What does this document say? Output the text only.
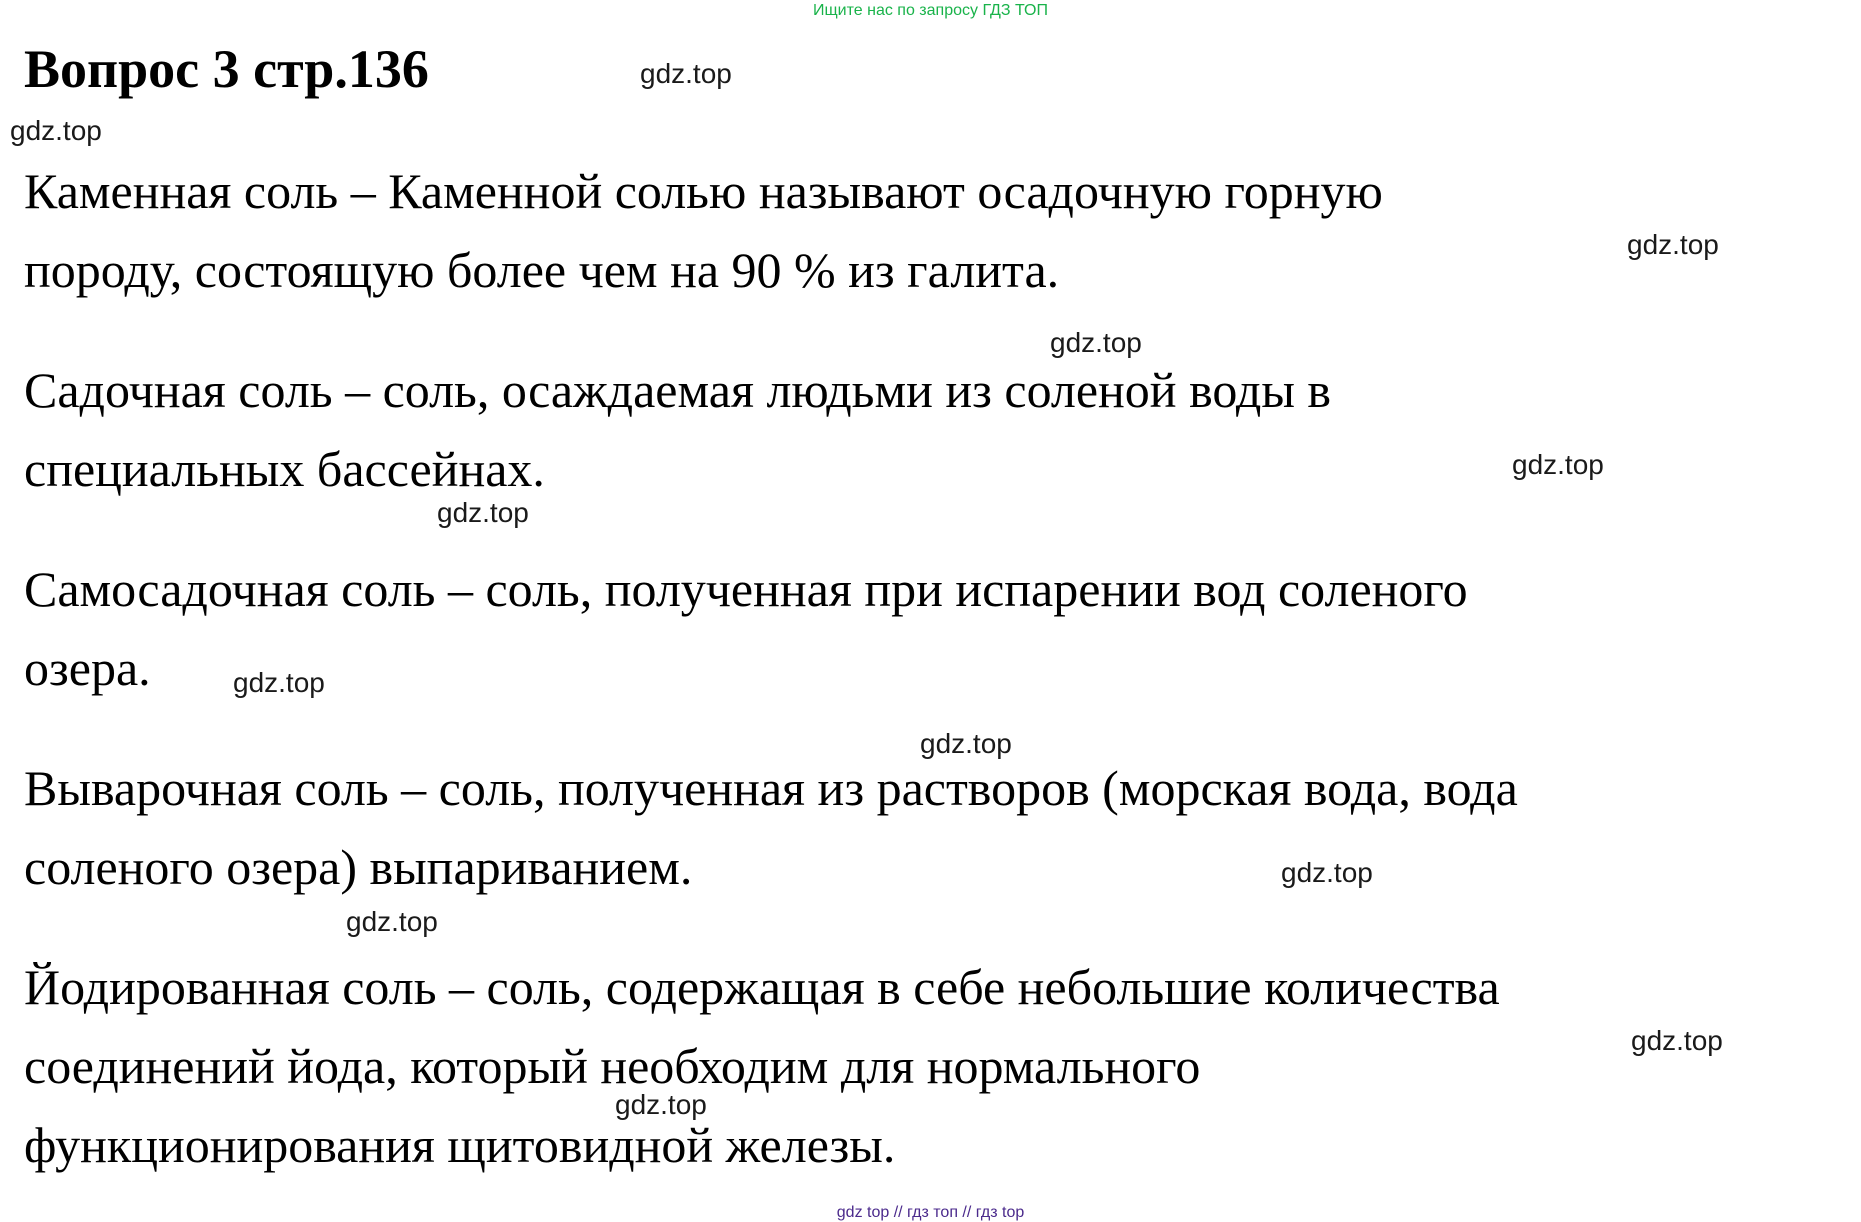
Ищите нас по запросу ГДЗ ТОП
Вопрос 3 стр.136
Каменная соль – Каменной солью называют осадочную горную
породу, состоящую более чем на 90 % из галита.
Садочная соль – соль, осаждаемая людьми из соленой воды в
специальных бассейнах.
Самосадочная соль – соль, полученная при испарении вод соленого
озера.
Выварочная соль – соль, полученная из растворов (морская вода, вода
соленого озера) выпариванием.
Йодированная соль – соль, содержащая в себе небольшие количества
соединений йода, который необходим для нормального
функционирования щитовидной железы.
gdz.top
gdz.top
gdz.top
gdz.top
gdz.top
gdz.top
gdz.top
gdz.top
gdz.top
gdz.top
gdz.top
gdz.top
gdz top // гдз топ // гдз top
